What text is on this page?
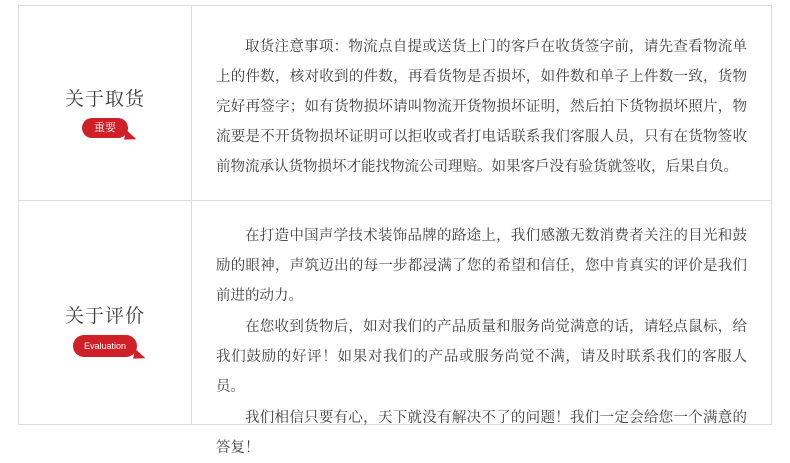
关于取货
重要

取货注意事项：物流点自提或送货上门的客戶在收货签字前，请先查看物流单上的件数，核对收到的件数，再看货物是否损坏，如件数和单子上件数一致，货物完好再签字；如有货物损坏请叫物流开货物损坏证明，然后拍下货物损坏照片，物流要是不开货物损坏证明可以拒收或者打电话联系我们客服人员，只有在货物签收前物流承认货物损坏才能找物流公司理赔。如果客戶没有验货就签收，后果自负。

关于评价
Evaluation

在打造中国声学技术装饰品牌的路途上，我们感激无数消费者关注的目光和鼓励的眼神，声筑迈出的每一步都浸满了您的希望和信任，您中肯真实的评价是我们前进的动力。

在您收到货物后，如对我们的产品质量和服务尚觉满意的话，请轻点鼠标，给我们鼓励的好评！如果对我们的产品或服务尚觉不满，请及时联系我们的客服人员。

我们相信只要有心，天下就没有解决不了的问题！我们一定会给您一个满意的答复！
